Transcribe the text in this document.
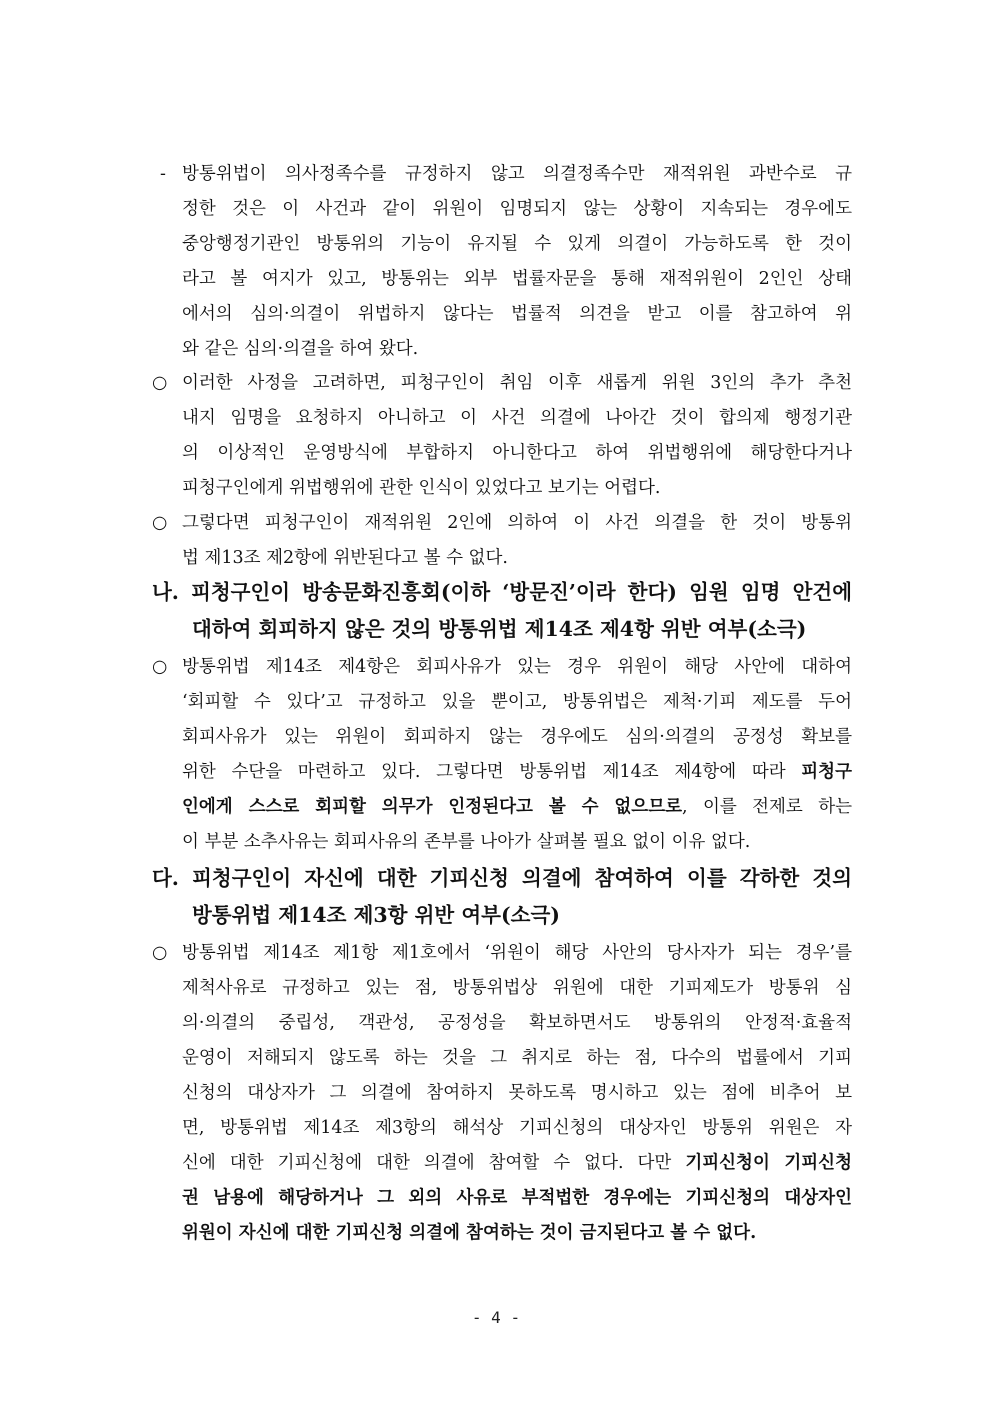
- 방통위법이 의사정족수를 규정하지 않고 의결정족수만 재적위원 과반수로 규
정한 것은 이 사건과 같이 위원이 임명되지 않는 상황이 지속되는 경우에도
중앙행정기관인 방통위의 기능이 유지될 수 있게 의결이 가능하도록 한 것이
라고 볼 여지가 있고, 방통위는 외부 법률자문을 통해 재적위원이 2인인 상태
에서의 심의·의결이 위법하지 않다는 법률적 의견을 받고 이를 참고하여 위
와 같은 심의·의결을 하여 왔다.
○ 이러한 사정을 고려하면, 피청구인이 취임 이후 새롭게 위원 3인의 추가 추천
내지 임명을 요청하지 아니하고 이 사건 의결에 나아간 것이 합의제 행정기관
의 이상적인 운영방식에 부합하지 아니한다고 하여 위법행위에 해당한다거나
피청구인에게 위법행위에 관한 인식이 있었다고 보기는 어렵다.
○ 그렇다면 피청구인이 재적위원 2인에 의하여 이 사건 의결을 한 것이 방통위
법 제13조 제2항에 위반된다고 볼 수 없다.
나. 피청구인이 방송문화진흥회(이하 ‘방문진’이라 한다) 임원 임명 안건에
대하여 회피하지 않은 것의 방통위법 제14조 제4항 위반 여부(소극)
○ 방통위법 제14조 제4항은 회피사유가 있는 경우 위원이 해당 사안에 대하여
‘회피할 수 있다’고 규정하고 있을 뿐이고, 방통위법은 제척·기피 제도를 두어
회피사유가 있는 위원이 회피하지 않는 경우에도 심의·의결의 공정성 확보를
위한 수단을 마련하고 있다. 그렇다면 방통위법 제14조 제4항에 따라 피청구
인에게 스스로 회피할 의무가 인정된다고 볼 수 없으므로, 이를 전제로 하는
이 부분 소추사유는 회피사유의 존부를 나아가 살펴볼 필요 없이 이유 없다.
다. 피청구인이 자신에 대한 기피신청 의결에 참여하여 이를 각하한 것의
방통위법 제14조 제3항 위반 여부(소극)
○ 방통위법 제14조 제1항 제1호에서 ‘위원이 해당 사안의 당사자가 되는 경우’를
제척사유로 규정하고 있는 점, 방통위법상 위원에 대한 기피제도가 방통위 심
의·의결의 중립성, 객관성, 공정성을 확보하면서도 방통위의 안정적·효율적
운영이 저해되지 않도록 하는 것을 그 취지로 하는 점, 다수의 법률에서 기피
신청의 대상자가 그 의결에 참여하지 못하도록 명시하고 있는 점에 비추어 보
면, 방통위법 제14조 제3항의 해석상 기피신청의 대상자인 방통위 위원은 자
신에 대한 기피신청에 대한 의결에 참여할 수 없다. 다만 기피신청이 기피신청
권 남용에 해당하거나 그 외의 사유로 부적법한 경우에는 기피신청의 대상자인
위원이 자신에 대한 기피신청 의결에 참여하는 것이 금지된다고 볼 수 없다.
- 4 -
